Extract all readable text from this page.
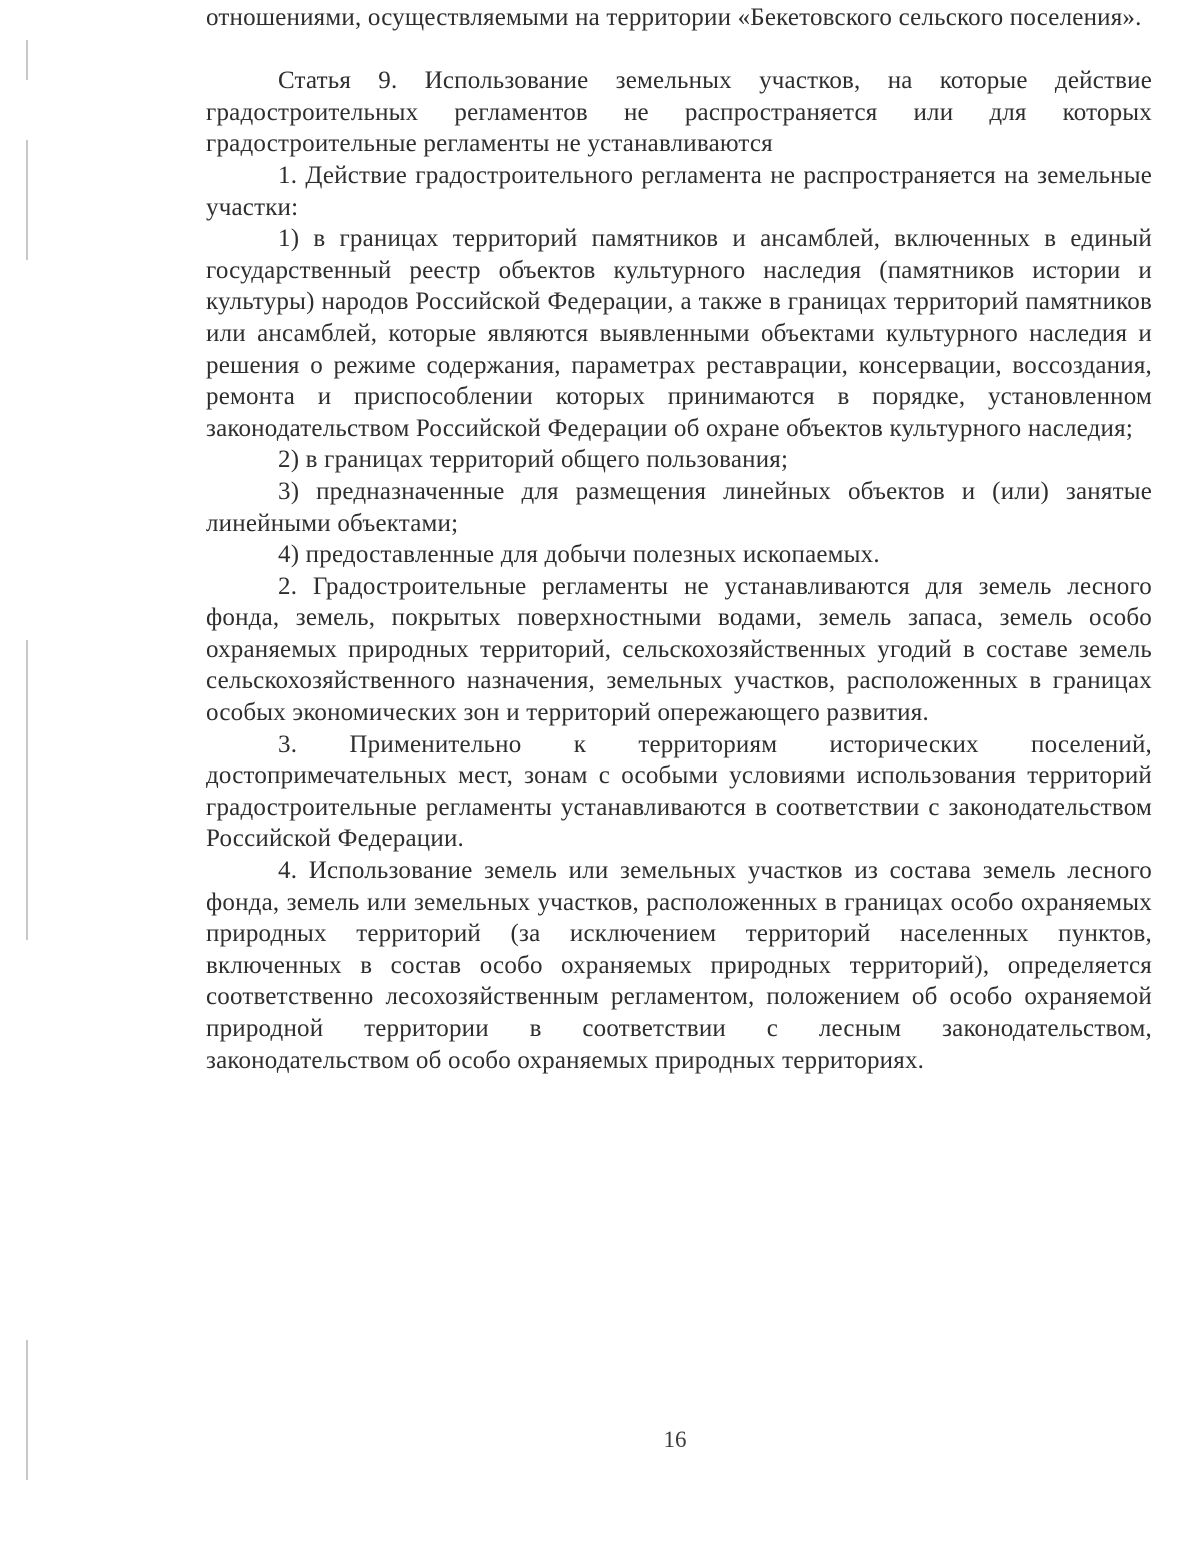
отношениями, осуществляемыми на территории «Бекетовского сельского поселения».

Статья 9. Использование земельных участков, на которые действие градостроительных регламентов не распространяется или для которых градостроительные регламенты не устанавливаются

1. Действие градостроительного регламента не распространяется на земельные участки:

1) в границах территорий памятников и ансамблей, включенных в единый государственный реестр объектов культурного наследия (памятников истории и культуры) народов Российской Федерации, а также в границах территорий памятников или ансамблей, которые являются выявленными объектами культурного наследия и решения о режиме содержания, параметрах реставрации, консервации, воссоздания, ремонта и приспособлении которых принимаются в порядке, установленном законодательством Российской Федерации об охране объектов культурного наследия;

2) в границах территорий общего пользования;

3) предназначенные для размещения линейных объектов и (или) занятые линейными объектами;

4) предоставленные для добычи полезных ископаемых.

2. Градостроительные регламенты не устанавливаются для земель лесного фонда, земель, покрытых поверхностными водами, земель запаса, земель особо охраняемых природных территорий, сельскохозяйственных угодий в составе земель сельскохозяйственного назначения, земельных участков, расположенных в границах особых экономических зон и территорий опережающего развития.

3. Применительно к территориям исторических поселений, достопримечательных мест, зонам с особыми условиями использования территорий градостроительные регламенты устанавливаются в соответствии с законодательством Российской Федерации.

4. Использование земель или земельных участков из состава земель лесного фонда, земель или земельных участков, расположенных в границах особо охраняемых природных территорий (за исключением территорий населенных пунктов, включенных в состав особо охраняемых природных территорий), определяется соответственно лесохозяйственным регламентом, положением об особо охраняемой природной территории в соответствии с лесным законодательством, законодательством об особо охраняемых природных территориях.

16
